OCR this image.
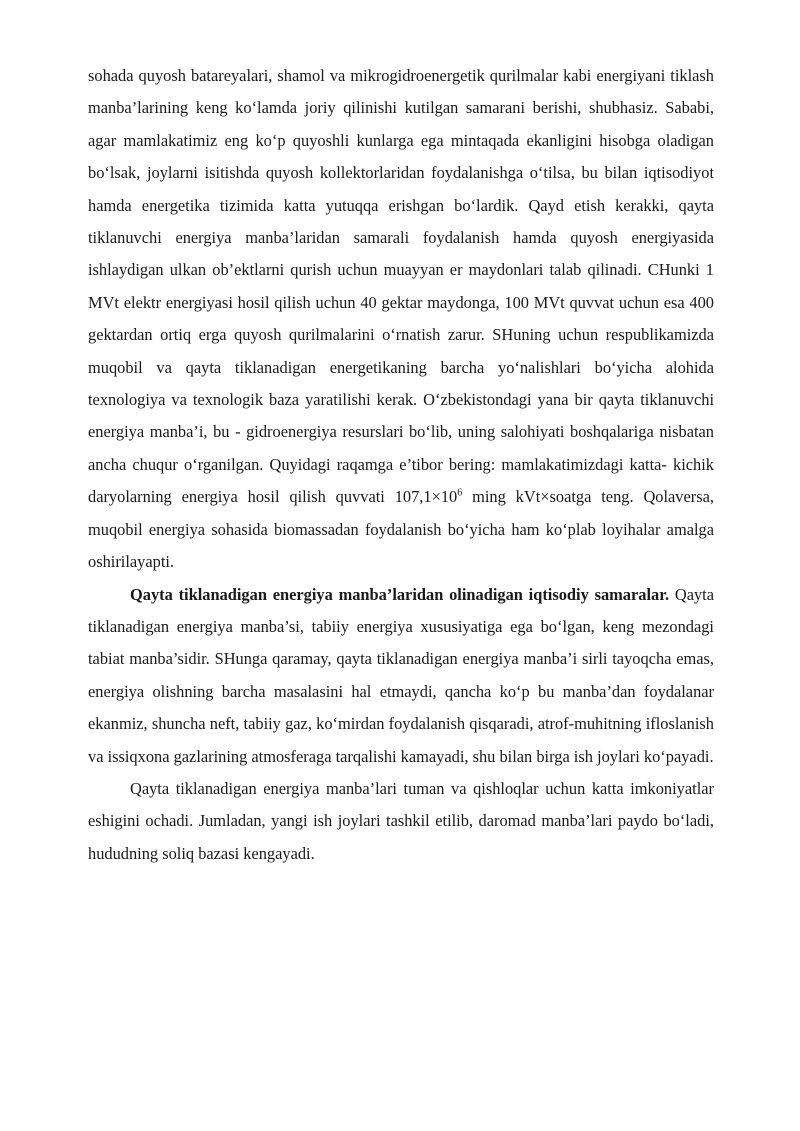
sohada quyosh batareyalari, shamol va mikrogidroenergetik qurilmalar kabi energiyani tiklash manba’larining keng ko‘lamda joriy qilinishi kutilgan samarani berishi, shubhasiz. Sababi, agar mamlakatimiz eng ko‘p quyoshli kunlarga ega mintaqada ekanligini hisobga oladigan bo‘lsak, joylarni isitishda quyosh kollektorlaridan foydalanishga o‘tilsa, bu bilan iqtisodiyot hamda energetika tizimida katta yutuqqa erishgan bo‘lardik. Qayd etish kerakki, qayta tiklanuvchi energiya manba’laridan samarali foydalanish hamda quyosh energiyasida ishlaydigan ulkan ob’ektlarni qurish uchun muayyan er maydonlari talab qilinadi. CHunki 1 MVt elektr energiyasi hosil qilish uchun 40 gektar maydonga, 100 MVt quvvat uchun esa 400 gektardan ortiq erga quyosh qurilmalarini o‘rnatish zarur. SHuning uchun respublikamizda muqobil va qayta tiklanadigan energetikaning barcha yo‘nalishlari bo‘yicha alohida texnologiya va texnologik baza yaratilishi kerak. O‘zbekistondagi yana bir qayta tiklanuvchi energiya manba’i, bu - gidroenergiya resurslari bo‘lib, uning salohiyati boshqalariga nisbatan ancha chuqur o‘rganilgan. Quyidagi raqamga e’tibor bering: mamlakatimizdagi katta- kichik daryolarning energiya hosil qilish quvvati $107,1\times 10^6$ ming kVt×soatga teng. Qolaversa, muqobil energiya sohasida biomassadan foydalanish bo‘yicha ham ko‘plab loyihalar amalga oshirilayapti.

Qayta tiklanadigan energiya manba’laridan olinadigan iqtisodiy samaralar. Qayta tiklanadigan energiya manba’si, tabiiy energiya xususiyatiga ega bo‘lgan, keng mezondagi tabiat manba’sidir. SHunga qaramay, qayta tiklanadigan energiya manba’i sirli tayoqcha emas, energiya olishning barcha masalasini hal etmaydi, qancha ko‘p bu manba’dan foydalanar ekanmiz, shuncha neft, tabiiy gaz, ko‘mirdan foydalanish qisqaradi, atrof-muhitning ifloslanish va issiqxona gazlarining atmosferaga tarqalishi kamayadi, shu bilan birga ish joylari ko‘payadi.

Qayta tiklanadigan energiya manba’lari tuman va qishloqlar uchun katta imkoniyatlar eshigini ochadi. Jumladan, yangi ish joylari tashkil etilib, daromad manba’lari paydo bo‘ladi, hududning soliq bazasi kengayadi.
